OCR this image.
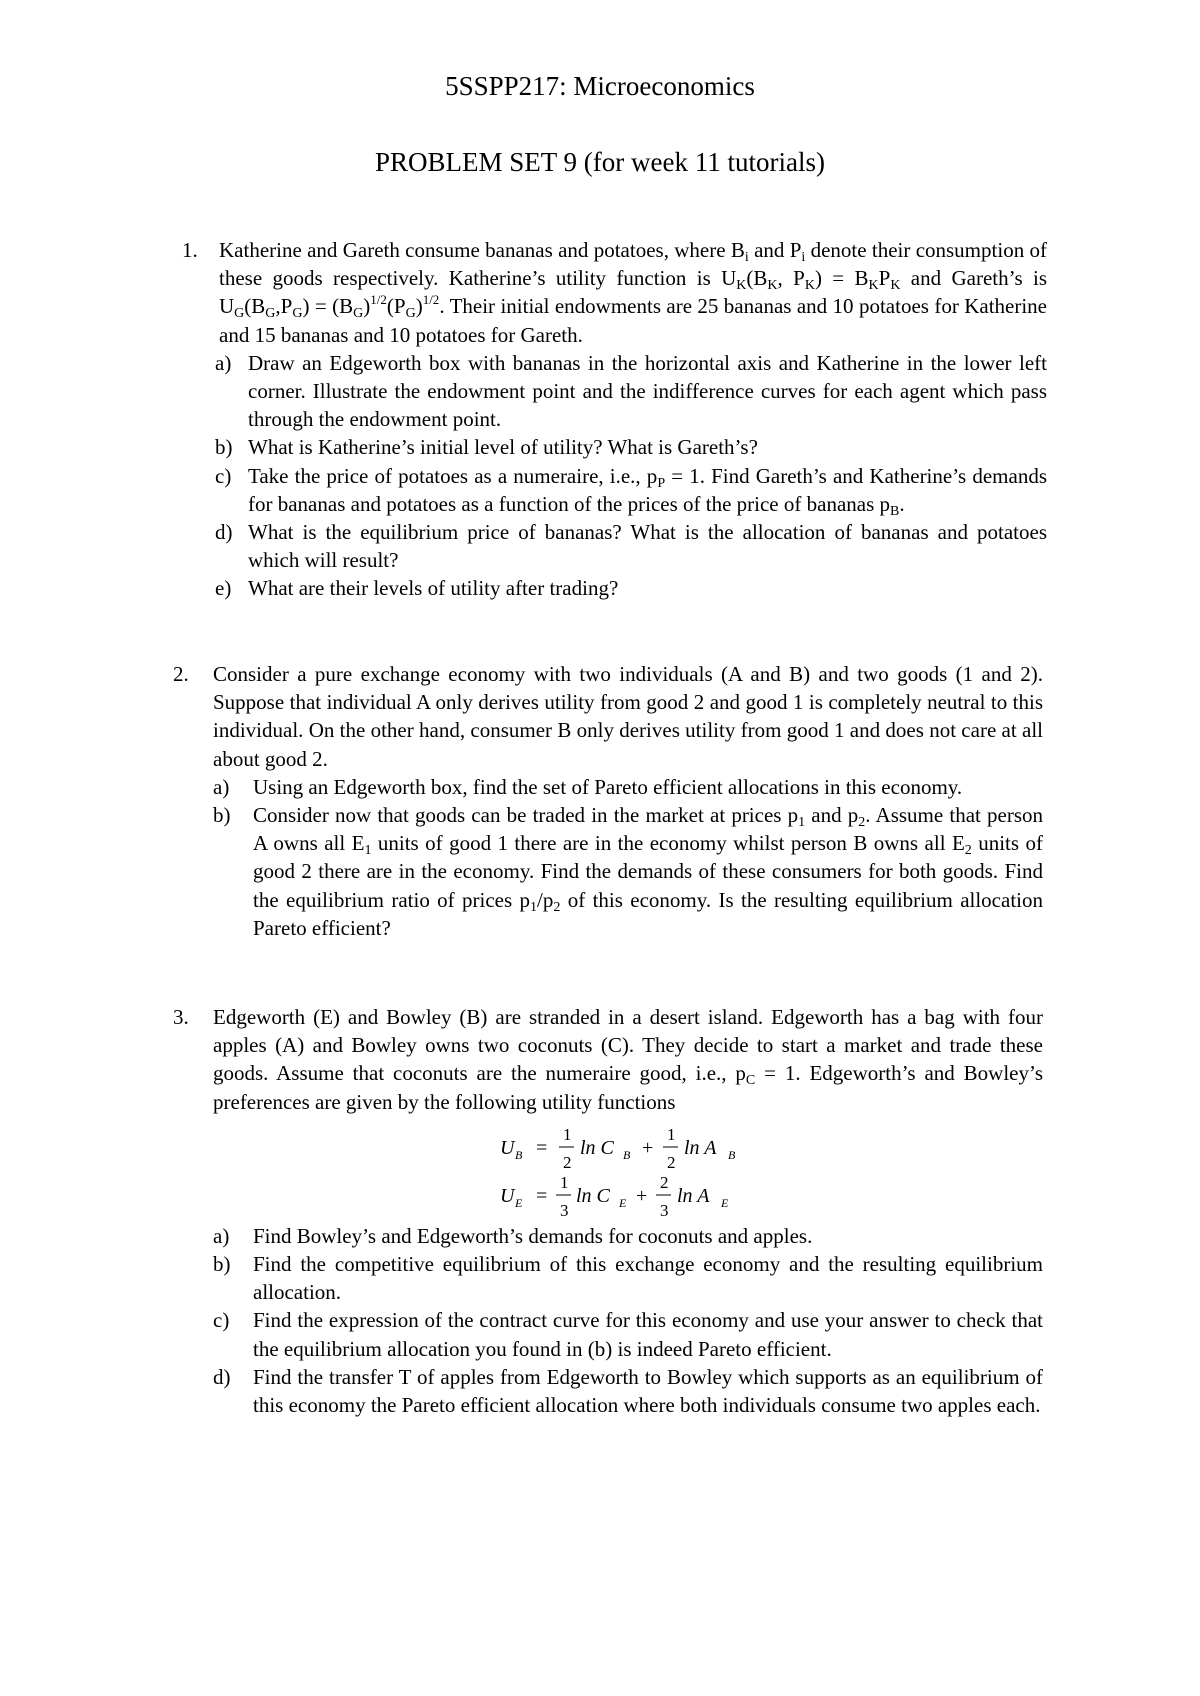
5SSPP217: Microeconomics
PROBLEM SET 9 (for week 11 tutorials)
1.	Katherine and Gareth consume bananas and potatoes, where $B_i$ and $P_i$ denote their consumption of these goods respectively. Katherine’s utility function is $U_K(B_K$, $P_K) = B_KP_K$ and Gareth’s is $U_G(B_G,P_G) = (B_G)^{1/2}(P_G)^{1/2}$. Their initial endowments are 25 bananas and 10 potatoes for Katherine and 15 bananas and 10 potatoes for Gareth.
a) Draw an Edgeworth box with bananas in the horizontal axis and Katherine in the lower left corner. Illustrate the endowment point and the indifference curves for each agent which pass through the endowment point.
b) What is Katherine’s initial level of utility? What is Gareth’s?
c) Take the price of potatoes as a numeraire, i.e., $p_P = 1$. Find Gareth’s and Katherine’s demands for bananas and potatoes as a function of the prices of the price of bananas $p_B$.
d) What is the equilibrium price of bananas? What is the allocation of bananas and potatoes which will result?
e) What are their levels of utility after trading?
2.	Consider a pure exchange economy with two individuals (A and B) and two goods (1 and 2). Suppose that individual A only derives utility from good 2 and good 1 is completely neutral to this individual. On the other hand, consumer B only derives utility from good 1 and does not care at all about good 2.
a) Using an Edgeworth box, find the set of Pareto efficient allocations in this economy.
b) Consider now that goods can be traded in the market at prices $p_1$ and $p_2$. Assume that person A owns all $E_1$ units of good 1 there are in the economy whilst person B owns all $E_2$ units of good 2 there are in the economy. Find the demands of these consumers for both goods. Find the equilibrium ratio of prices $p_1/p_2$ of this economy. Is the resulting equilibrium allocation Pareto efficient?
3.	Edgeworth (E) and Bowley (B) are stranded in a desert island. Edgeworth has a bag with four apples (A) and Bowley owns two coconuts (C). They decide to start a market and trade these goods. Assume that coconuts are the numeraire good, i.e., $p_C = 1$. Edgeworth’s and Bowley’s preferences are given by the following utility functions
U B =
1
2
ln C B +
1
2
ln A B
U E =
1
3
ln C E +
2
3
ln A E
a) Find Bowley’s and Edgeworth’s demands for coconuts and apples.
b) Find the competitive equilibrium of this exchange economy and the resulting equilibrium allocation.
c) Find the expression of the contract curve for this economy and use your answer to check that the equilibrium allocation you found in (b) is indeed Pareto efficient.
d) Find the transfer T of apples from Edgeworth to Bowley which supports as an equilibrium of this economy the Pareto efficient allocation where both individuals consume two apples each.
